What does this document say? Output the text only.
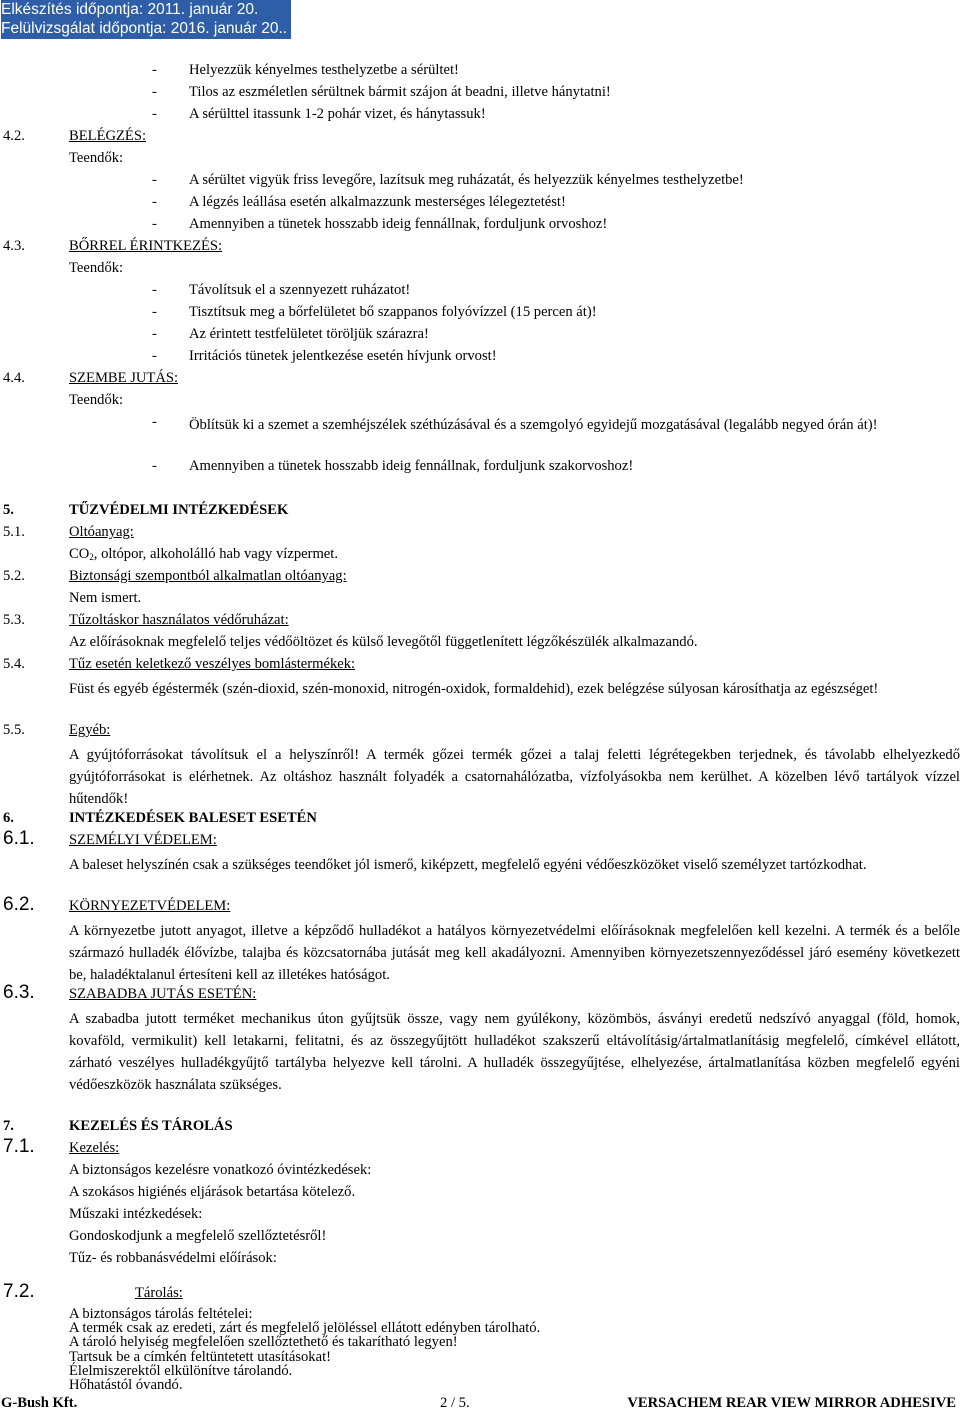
Elkészítés időpontja: 2011. január 20.
Felülvizsgálat időpontja: 2016. január 20..
- Helyezzük kényelmes testhelyzetbe a sérültet!
- Tilos az eszméletlen sérültnek bármit szájon át beadni, illetve hánytatni!
- A sérülttel itassunk 1-2 pohár vizet, és hánytassuk!
4.2.	BELÉGZÉS:
Teendők:
- A sérültet vigyük friss levegőre, lazítsuk meg ruházatát, és helyezzük kényelmes testhelyzetbe!
- A légzés leállása esetén alkalmazzunk mesterséges lélegeztetést!
- Amennyiben a tünetek hosszabb ideig fennállnak, forduljunk orvoshoz!
4.3.	BŐRREL ÉRINTKEZÉS:
Teendők:
- Távolítsuk el a szennyezett ruházatot!
- Tisztítsuk meg a bőrfelületet bő szappanos folyóvízzel (15 percen át)!
- Az érintett testfelületet töröljük szárazra!
- Irritációs tünetek jelentkezése esetén hívjunk orvost!
4.4.	SZEMBE JUTÁS:
Teendők:
- Öblítsük ki a szemet a szemhéjszélek széthúzásával és a szemgolyó egyidejű mozgatásával (legalább negyed órán át)!
- Amennyiben a tünetek hosszabb ideig fennállnak, forduljunk szakorvoshoz!
5.	TŰZVÉDELMI INTÉZKEDÉSEK
5.1.	Oltóanyag:
$CO_2$, oltópor, alkoholálló hab vagy vízpermet.
5.2.	Biztonsági szempontból alkalmatlan oltóanyag:
Nem ismert.
5.3.	Tűzoltáskor használatos védőruházat:
Az előírásoknak megfelelő teljes védőöltözet és külső levegőtől függetlenített légzőkészülék alkalmazandó.
5.4.	Tűz esetén keletkező veszélyes bomlástermékek:
Füst és egyéb égéstermék (szén-dioxid, szén-monoxid, nitrogén-oxidok, formaldehid), ezek belégzése súlyosan károsíthatja az egészséget!
5.5.	Egyéb:
A gyújtóforrásokat távolítsuk el a helyszínről! A termék gőzei termék gőzei a talaj feletti légrétegekben terjednek, és távolabb elhelyezkedő gyújtóforrásokat is elérhetnek. Az oltáshoz használt folyadék a csatornahálózatba, vízfolyásokba nem kerülhet. A közelben lévő tartályok vízzel hűtendők!
6.	INTÉZKEDÉSEK BALESET ESETÉN
6.1. SZEMÉLYI VÉDELEM:
A baleset helyszínén csak a szükséges teendőket jól ismerő, kiképzett, megfelelő egyéni védőeszközöket viselő személyzet tartózkodhat.
6.2. KÖRNYEZETVÉDELEM:
A környezetbe jutott anyagot, illetve a képződő hulladékot a hatályos környezetvédelmi előírásoknak megfelelően kell kezelni. A termék és a belőle származó hulladék élővízbe, talajba és közcsatornába jutását meg kell akadályozni. Amennyiben környezetszennyeződéssel járó esemény következett be, haladéktalanul értesíteni kell az illetékes hatóságot.
6.3. SZABADBA JUTÁS ESETÉN:
A szabadba jutott terméket mechanikus úton gyűjtsük össze, vagy nem gyúlékony, közömbös, ásványi eredetű nedszívó anyaggal (föld, homok, kovaföld, vermikulit) kell letakarni, felitatni, és az összegyűjtött hulladékot szakszerű eltávolításig/ártalmatlanításig megfelelő, címkével ellátott, zárható veszélyes hulladékgyűjtő tartályba helyezve kell tárolni. A hulladék összegyűjtése, elhelyezése, ártalmatlanítása közben megfelelő egyéni védőeszközök használata szükséges.
7.	KEZELÉS ÉS TÁROLÁS
7.1. Kezelés:
A biztonságos kezelésre vonatkozó óvintézkedések:
A szokásos higiénés eljárások betartása kötelező.
Műszaki intézkedések:
Gondoskodjunk a megfelelő szellőztetésről!
Tűz- és robbanásvédelmi előírások:
7.2.	Tárolás:
A biztonságos tárolás feltételei:
A termék csak az eredeti, zárt és megfelelő jelöléssel ellátott edényben tárolható.
A tároló helyiség megfelelően szellőztethető és takarítható legyen!
Tartsuk be a címkén feltüntetett utasításokat!
Élelmiszerektől elkülönítve tárolandó.
Hőhatástól óvandó.
G-Bush Kft.	2 / 5.	VERSACHEM REAR VIEW MIRROR ADHESIVE
